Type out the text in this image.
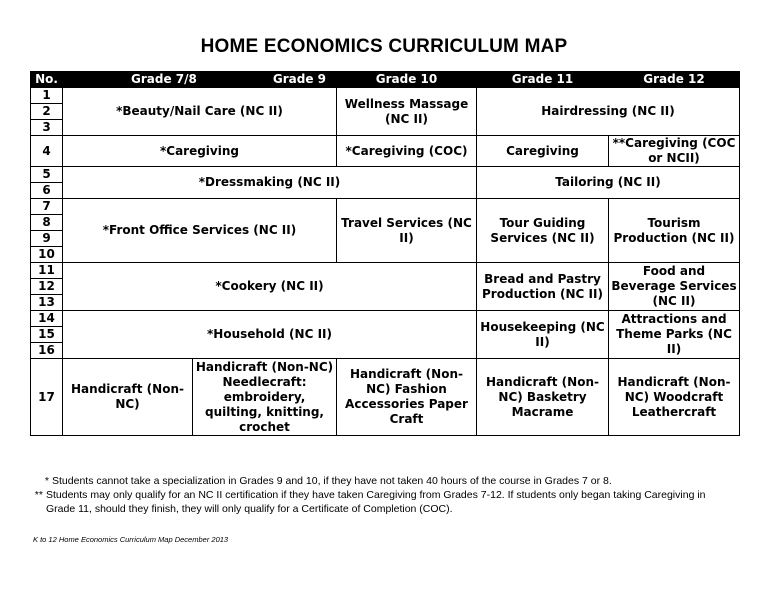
HOME ECONOMICS CURRICULUM MAP
No.	Grade 7/8 Grade 9		Grade 10	Grade 11	Grade 12
1	*Beauty/Nail Care (NC II)		Wellness Massage (NC II)	Hairdressing (NC II)	
2					
3					
4	*Caregiving		*Caregiving (COC)	Caregiving	**Caregiving (COC or NCII)
5	*Dressmaking (NC II)			Tailoring (NC II)	
6					
7	*Front Office Services (NC II)		Travel Services (NC II)	Tour Guiding Services (NC II)	Tourism Production (NC II)
8					
9					
10					
11	*Cookery (NC II)			Bread and Pastry Production (NC II)	Food and Beverage Services (NC II)
12					
13					
14	*Household (NC II)			Housekeeping (NC II)	Attractions and Theme Parks (NC II)
15					
16					
17	Handicraft (Non-NC)	Handicraft (Non-NC) Needlecraft: embroidery, quilting, knitting, crochet	Handicraft (Non-NC) Fashion Accessories Paper Craft	Handicraft (Non-NC) Basketry Macrame	Handicraft (Non-NC) Woodcraft Leathercraft
* Students cannot take a specialization in Grades 9 and 10, if they have not taken 40 hours of the course in Grades 7 or 8.
** Students may only qualify for an NC II certification if they have taken Caregiving from Grades 7-12. If students only began taking Caregiving in Grade 11, should they finish, they will only qualify for a Certificate of Completion (COC).
K to 12 Home Economics Curriculum Map December 2013
